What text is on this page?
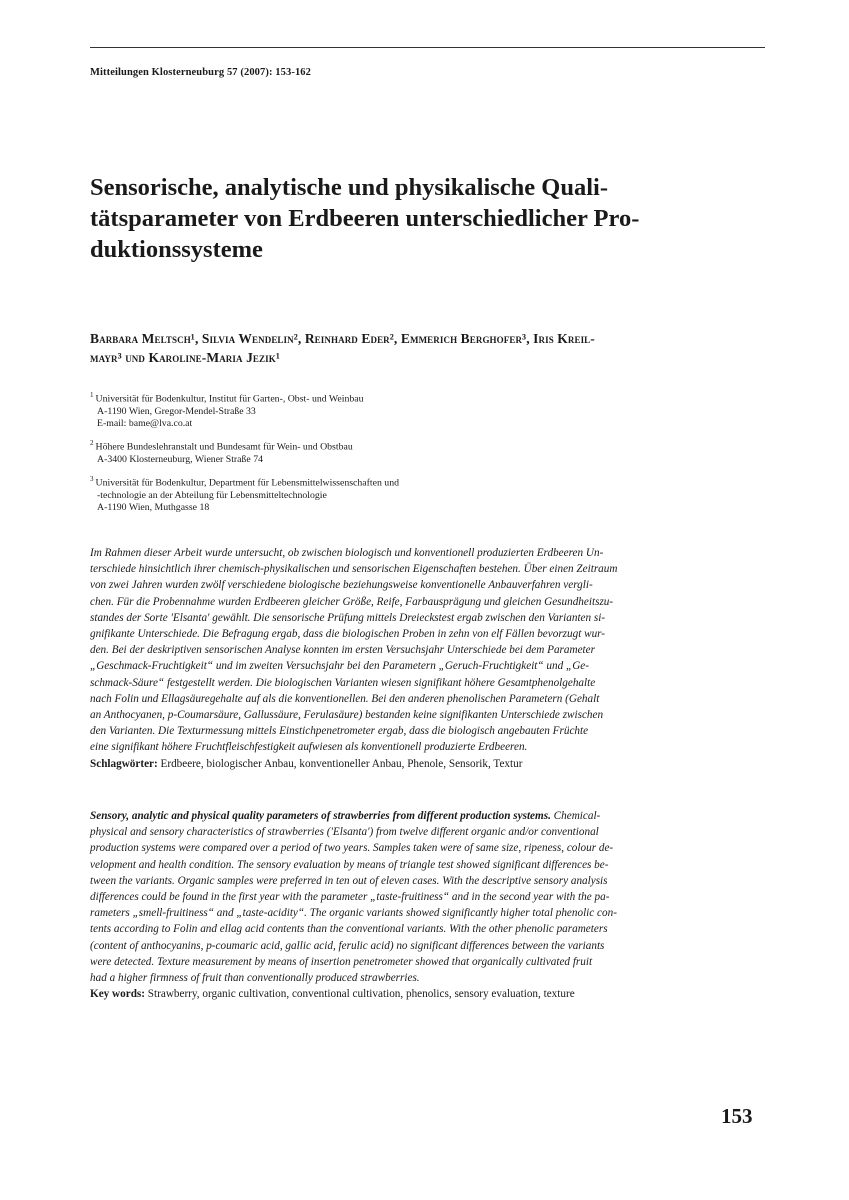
Mitteilungen Klosterneuburg 57 (2007): 153-162
Sensorische, analytische und physikalische Quali-
tätsparameter von Erdbeeren unterschiedlicher Pro-
duktionssysteme
Barbara Meltsch¹, Silvia Wendelin², Reinhard Eder², Emmerich Berghofer³, Iris Kreil-
mayr³ und Karoline-Maria Jezik¹
$^1$ Universität für Bodenkultur, Institut für Garten-, Obst- und Weinbau
A-1190 Wien, Gregor-Mendel-Straße 33
E-mail: bame@lva.co.at
$^2$ Höhere Bundeslehranstalt und Bundesamt für Wein- und Obstbau
A-3400 Klosterneuburg, Wiener Straße 74
$^3$ Universität für Bodenkultur, Department für Lebensmittelwissenschaften und
-technologie an der Abteilung für Lebensmitteltechnologie
A-1190 Wien, Muthgasse 18
Im Rahmen dieser Arbeit wurde untersucht, ob zwischen biologisch und konventionell produzierten Erdbeeren Un-
terschiede hinsichtlich ihrer chemisch-physikalischen und sensorischen Eigenschaften bestehen. Über einen Zeitraum
von zwei Jahren wurden zwölf verschiedene biologische beziehungsweise konventionelle Anbauverfahren vergli-
chen. Für die Probennahme wurden Erdbeeren gleicher Größe, Reife, Farbausprägung und gleichen Gesundheitszu-
standes der Sorte 'Elsanta' gewählt. Die sensorische Prüfung mittels Dreieckstest ergab zwischen den Varianten si-
gnifikante Unterschiede. Die Befragung ergab, dass die biologischen Proben in zehn von elf Fällen bevorzugt wur-
den. Bei der deskriptiven sensorischen Analyse konnten im ersten Versuchsjahr Unterschiede bei dem Parameter
„Geschmack-Fruchtigkeit“ und im zweiten Versuchsjahr bei den Parametern „Geruch-Fruchtigkeit“ und „Ge-
schmack-Säure“ festgestellt werden. Die biologischen Varianten wiesen signifikant höhere Gesamtphenolgehalte
nach Folin und Ellagsäuregehalte auf als die konventionellen. Bei den anderen phenolischen Parametern (Gehalt
an Anthocyanen, p-Coumarsäure, Gallussäure, Ferulasäure) bestanden keine signifikanten Unterschiede zwischen
den Varianten. Die Texturmessung mittels Einstichpenetrometer ergab, dass die biologisch angebauten Früchte
eine signifikant höhere Fruchtfleischfestigkeit aufwiesen als konventionell produzierte Erdbeeren.
Schlagwörter: Erdbeere, biologischer Anbau, konventioneller Anbau, Phenole, Sensorik, Textur
Sensory, analytic and physical quality parameters of strawberries from different production systems. Chemical-
physical and sensory characteristics of strawberries ('Elsanta') from twelve different organic and/or conventional
production systems were compared over a period of two years. Samples taken were of same size, ripeness, colour de-
velopment and health condition. The sensory evaluation by means of triangle test showed significant differences be-
tween the variants. Organic samples were preferred in ten out of eleven cases. With the descriptive sensory analysis
differences could be found in the first year with the parameter „taste-fruitiness“ and in the second year with the pa-
rameters „smell-fruitiness“ and „taste-acidity“. The organic variants showed significantly higher total phenolic con-
tents according to Folin and ellag acid contents than the conventional variants. With the other phenolic parameters
(content of anthocyanins, p-coumaric acid, gallic acid, ferulic acid) no significant differences between the variants
were detected. Texture measurement by means of insertion penetrometer showed that organically cultivated fruit
had a higher firmness of fruit than conventionally produced strawberries.
Key words: Strawberry, organic cultivation, conventional cultivation, phenolics, sensory evaluation, texture
153
